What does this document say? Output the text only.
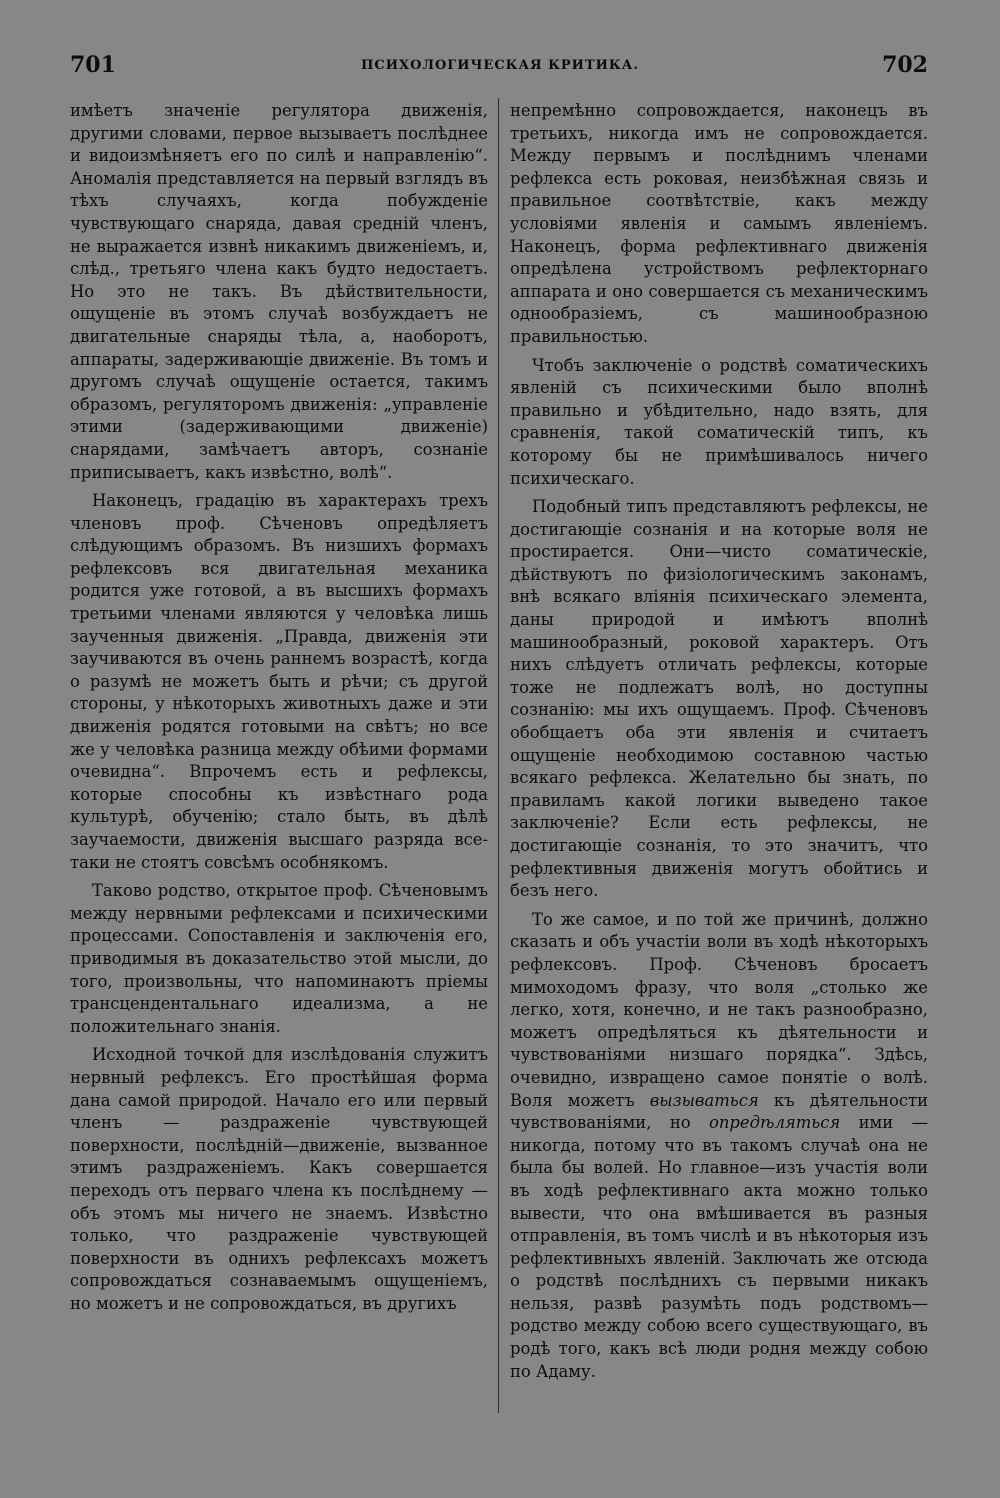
701	ПСИХОЛОГИЧЕСКАЯ КРИТИКА.	702

имѣетъ значеніе регулятора движенія, другими словами, первое вызываетъ послѣднее и видоизмѣняетъ его по силѣ и направленію“. Аномалія представляется на первый взглядъ въ тѣхъ случаяхъ, когда побужденіе чувствующаго снаряда, давая средній членъ, не выражается извнѣ никакимъ движеніемъ, и, слѣд., третьяго члена какъ будто недостаетъ. Но это не такъ. Въ дѣйствительности, ощущеніе въ этомъ случаѣ возбуждаетъ не двигательные снаряды тѣла, а, наоборотъ, аппараты, задерживающіе движеніе. Въ томъ и другомъ случаѣ ощущеніе остается, такимъ образомъ, регуляторомъ движенія: „управленіе этими (задерживающими движеніе) снарядами, замѣчаетъ авторъ, сознаніе приписываетъ, какъ извѣстно, волѣ“.

Наконецъ, градацію въ характерахъ трехъ членовъ проф. Сѣченовъ опредѣляетъ слѣдующимъ образомъ. Въ низшихъ формахъ рефлексовъ вся двигательная механика родится уже готовой, а въ высшихъ формахъ третьими членами являются у человѣка лишь заученныя движенія. „Правда, движенія эти заучиваются въ очень раннемъ возрастѣ, когда о разумѣ не можетъ быть и рѣчи; съ другой стороны, у нѣкоторыхъ животныхъ даже и эти движенія родятся готовыми на свѣтъ; но все же у человѣка разница между обѣими формами очевидна“. Впрочемъ есть и рефлексы, которые способны къ извѣстнаго рода культурѣ, обученію; стало быть, въ дѣлѣ заучаемости, движенія высшаго разряда все-таки не стоятъ совсѣмъ особнякомъ.

Таково родство, открытое проф. Сѣченовымъ между нервными рефлексами и психическими процессами. Сопоставленія и заключенія его, приводимыя въ доказательство этой мысли, до того, произвольны, что напоминаютъ пріемы трансцендентальнаго идеализма, а не положительнаго знанія.

Исходной точкой для изслѣдованія служитъ нервный рефлексъ. Его простѣйшая форма дана самой природой. Начало его или первый членъ — раздраженіе чувствующей поверхности, послѣдній—движеніе, вызванное этимъ раздраженіемъ. Какъ совершается переходъ отъ перваго члена къ послѣднему —объ этомъ мы ничего не знаемъ. Извѣстно только, что раздраженіе чувствующей поверхности въ однихъ рефлексахъ можетъ сопровождаться сознаваемымъ ощущеніемъ, но можетъ и не сопровождаться, въ другихъ

непремѣнно сопровождается, наконецъ въ третьихъ, никогда имъ не сопровождается. Между первымъ и послѣднимъ членами рефлекса есть роковая, неизбѣжная связь и правильное соотвѣтствіе, какъ между условіями явленія и самымъ явленіемъ. Наконецъ, форма рефлективнаго движенія опредѣлена устройствомъ рефлекторнаго аппарата и оно совершается съ механическимъ однообразіемъ, съ машинообразною правильностью.

Чтобъ заключеніе о родствѣ соматическихъ явленій съ психическими было вполнѣ правильно и убѣдительно, надо взять, для сравненія, такой соматическій типъ, къ которому бы не примѣшивалось ничего психическаго.

Подобный типъ представляютъ рефлексы, не достигающіе сознанія и на которые воля не простирается. Они—чисто соматическіе, дѣйствуютъ по физіологическимъ законамъ, внѣ всякаго вліянія психическаго элемента, даны природой и имѣютъ вполнѣ машинообразный, роковой характеръ. Отъ нихъ слѣдуетъ отличать рефлексы, которые тоже не подлежатъ волѣ, но доступны сознанію: мы ихъ ощущаемъ. Проф. Сѣченовъ обобщаетъ оба эти явленія и считаетъ ощущеніе необходимою составною частью всякаго рефлекса. Желательно бы знать, по правиламъ какой логики выведено такое заключеніе? Если есть рефлексы, не достигающіе сознанія, то это значитъ, что рефлективныя движенія могутъ обойтись и безъ него.

То же самое, и по той же причинѣ, должно сказать и объ участіи воли въ ходѣ нѣкоторыхъ рефлексовъ. Проф. Сѣченовъ бросаетъ мимоходомъ фразу, что воля „столько же легко, хотя, конечно, и не такъ разнообразно, можетъ опредѣляться къ дѣятельности и чувствованіями низшаго порядка“. Здѣсь, очевидно, извращено самое понятіе о волѣ. Воля можетъ вызываться къ дѣятельности чувствованіями, но опредѣляться ими —никогда, потому что въ такомъ случаѣ она не была бы волей. Но главное—изъ участія воли въ ходѣ рефлективнаго акта можно только вывести, что она вмѣшивается въ разныя отправленія, въ томъ числѣ и въ нѣкоторыя изъ рефлективныхъ явленій. Заключать же отсюда о родствѣ послѣднихъ съ первыми никакъ нельзя, развѣ разумѣть подъ родствомъ—родство между собою всего существующаго, въ родѣ того, какъ всѣ люди родня между собою по Адаму.
